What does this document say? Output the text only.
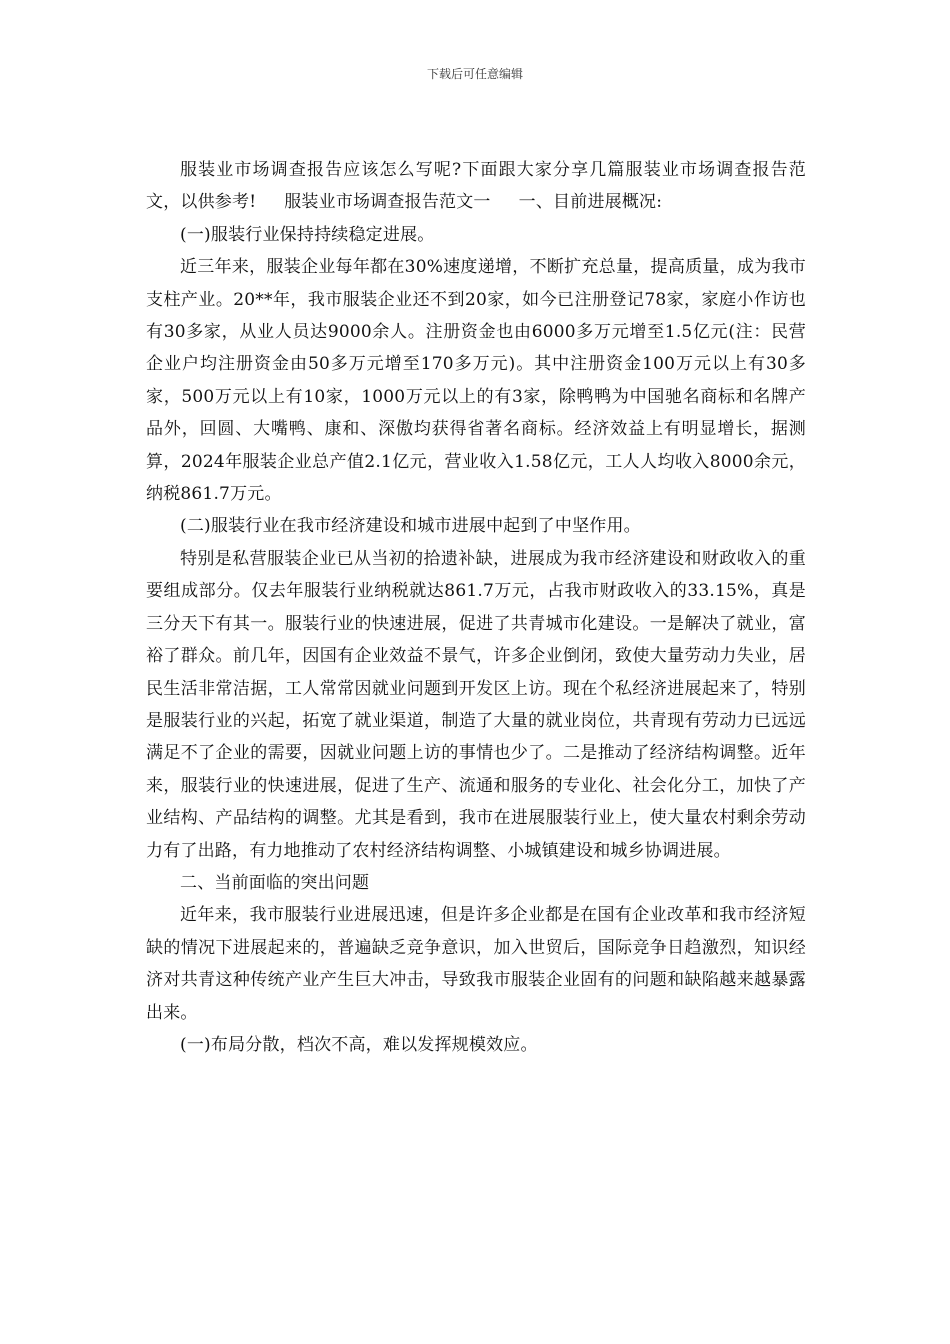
下载后可任意编辑

服装业市场调查报告应该怎么写呢?下面跟大家分享几篇服装业市场调查报告范文，以供参考! 服装业市场调查报告范文一 一、目前进展概况:

(一)服装行业保持持续稳定进展。

近三年来，服装企业每年都在30%速度递增，不断扩充总量，提高质量，成为我市支柱产业。20**年，我市服装企业还不到20家，如今已注册登记78家，家庭小作访也有30多家，从业人员达9000余人。注册资金也由6000多万元增至1.5亿元(注：民营企业户均注册资金由50多万元增至170多万元)。其中注册资金100万元以上有30多家，500万元以上有10家，1000万元以上的有3家，除鸭鸭为中国驰名商标和名牌产品外，回圆、大嘴鸭、康和、深傲均获得省著名商标。经济效益上有明显增长，据测算，2024年服装企业总产值2.1亿元，营业收入1.58亿元，工人人均收入8000余元，纳税861.7万元。

(二)服装行业在我市经济建设和城市进展中起到了中坚作用。

特别是私营服装企业已从当初的拾遗补缺，进展成为我市经济建设和财政收入的重要组成部分。仅去年服装行业纳税就达861.7万元，占我市财政收入的33.15%，真是三分天下有其一。服装行业的快速进展，促进了共青城市化建设。一是解决了就业，富裕了群众。前几年，因国有企业效益不景气，许多企业倒闭，致使大量劳动力失业，居民生活非常洁据，工人常常因就业问题到开发区上访。现在个私经济进展起来了，特别是服装行业的兴起，拓宽了就业渠道，制造了大量的就业岗位，共青现有劳动力已远远满足不了企业的需要，因就业问题上访的事情也少了。二是推动了经济结构调整。近年来，服装行业的快速进展，促进了生产、流通和服务的专业化、社会化分工，加快了产业结构、产品结构的调整。尤其是看到，我市在进展服装行业上，使大量农村剩余劳动力有了出路，有力地推动了农村经济结构调整、小城镇建设和城乡协调进展。

二、当前面临的突出问题

近年来，我市服装行业进展迅速，但是许多企业都是在国有企业改革和我市经济短缺的情况下进展起来的，普遍缺乏竞争意识，加入世贸后，国际竞争日趋激烈，知识经济对共青这种传统产业产生巨大冲击，导致我市服装企业固有的问题和缺陷越来越暴露出来。

(一)布局分散，档次不高，难以发挥规模效应。
